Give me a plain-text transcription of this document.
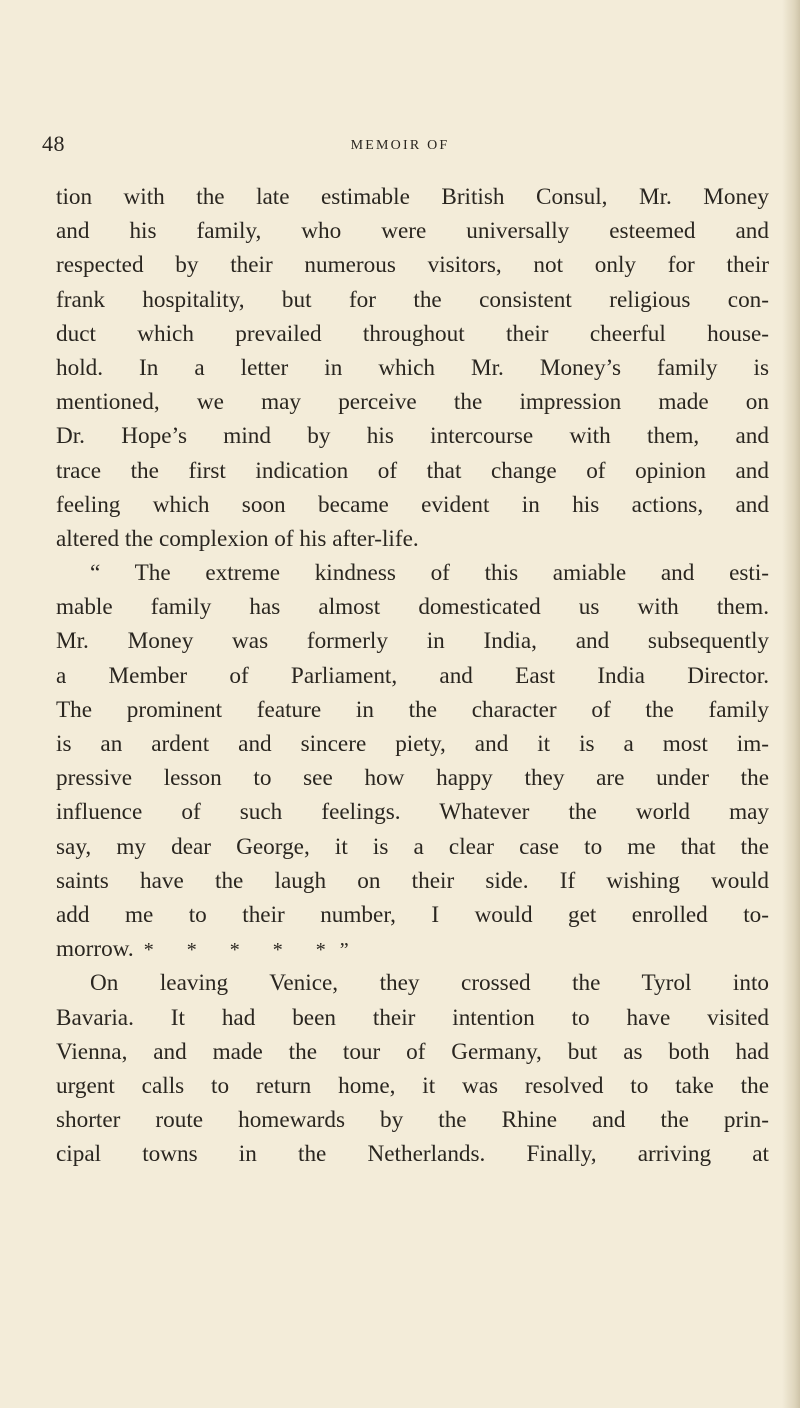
48	MEMOIR OF
tion with the late estimable British Consul, Mr. Money
and his family, who were universally esteemed and
respected by their numerous visitors, not only for their
frank hospitality, but for the consistent religious con-
duct which prevailed throughout their cheerful house-
hold. In a letter in which Mr. Money’s family is
mentioned, we may perceive the impression made on
Dr. Hope’s mind by his intercourse with them, and
trace the first indication of that change of opinion and
feeling which soon became evident in his actions, and
altered the complexion of his after-life.
“ The extreme kindness of this amiable and esti-
mable family has almost domesticated us with them.
Mr. Money was formerly in India, and subsequently
a Member of Parliament, and East India Director.
The prominent feature in the character of the family
is an ardent and sincere piety, and it is a most im-
pressive lesson to see how happy they are under the
influence of such feelings. Whatever the world may
say, my dear George, it is a clear case to me that the
saints have the laugh on their side. If wishing would
add me to their number, I would get enrolled to-
morrow. * * * * *”
On leaving Venice, they crossed the Tyrol into
Bavaria. It had been their intention to have visited
Vienna, and made the tour of Germany, but as both had
urgent calls to return home, it was resolved to take the
shorter route homewards by the Rhine and the prin-
cipal towns in the Netherlands. Finally, arriving at
